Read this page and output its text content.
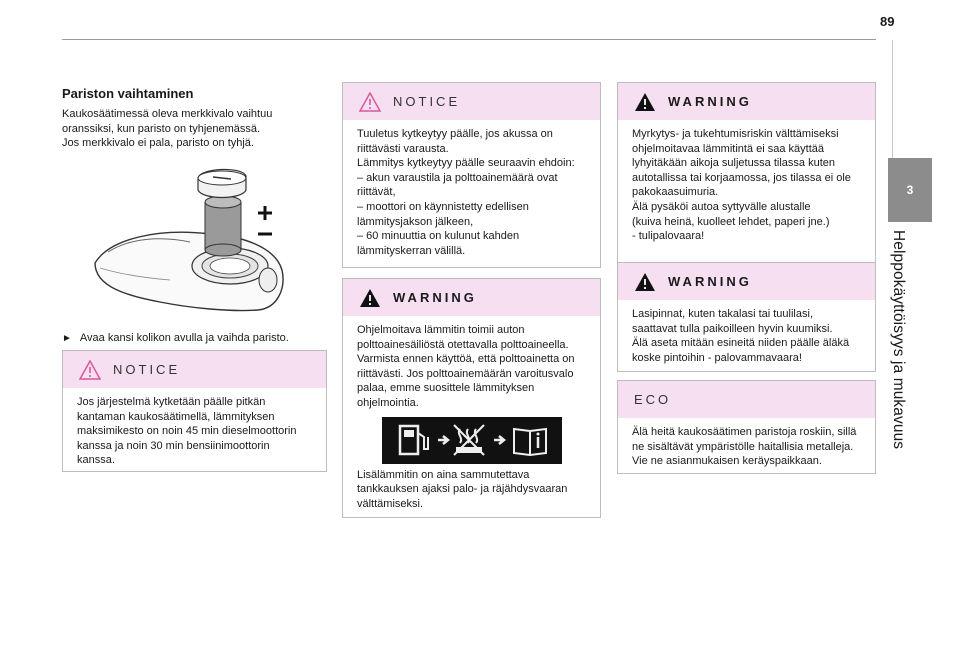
89
3
Helppokäyttöisyys ja mukavuus
Pariston vaihtaminen
Kaukosäätimessä oleva merkkivalo vaihtuu
oranssiksi, kun paristo on tyhjenemässä.
Jos merkkivalo ei pala, paristo on tyhjä.
► Avaa kansi kolikon avulla ja vaihda paristo.
NOTICE
Jos järjestelmä kytketään päälle pitkän
kantaman kaukosäätimellä, lämmityksen
maksimikesto on noin 45 min dieselmoottorin
kanssa ja noin 30 min bensiinimoottorin
kanssa.
NOTICE
Tuuletus kytkeytyy päälle, jos akussa on
riittävästi varausta.
Lämmitys kytkeytyy päälle seuraavin ehdoin:
– akun varaustila ja polttoainemäärä ovat
riittävät,
– moottori on käynnistetty edellisen
lämmitysjakson jälkeen,
– 60 minuuttia on kulunut kahden
lämmityskerran välillä.
WARNING
Ohjelmoitava lämmitin toimii auton
polttoainesäiliöstä otettavalla polttoaineella.
Varmista ennen käyttöä, että polttoainetta on
riittävästi. Jos polttoainemäärän varoitusvalo
palaa, emme suosittele lämmityksen
ohjelmointia.
Lisälämmitin on aina sammutettava
tankkauksen ajaksi palo- ja räjähdysvaaran
välttämiseksi.
WARNING
Myrkytys- ja tukehtumisriskin välttämiseksi
ohjelmoitavaa lämmitintä ei saa käyttää
lyhyitäkään aikoja suljetussa tilassa kuten
autotallissa tai korjaamossa, jos tilassa ei ole
pakokaasuimuria.
Älä pysäköi autoa syttyvälle alustalle
(kuiva heinä, kuolleet lehdet, paperi jne.)
- tulipalovaara!
WARNING
Lasipinnat, kuten takalasi tai tuulilasi,
saattavat tulla paikoilleen hyvin kuumiksi.
Älä aseta mitään esineitä niiden päälle äläkä
koske pintoihin - palovammavaara!
ECO
Älä heitä kaukosäätimen paristoja roskiin, sillä
ne sisältävät ympäristölle haitallisia metalleja.
Vie ne asianmukaisen keräyspaikkaan.
